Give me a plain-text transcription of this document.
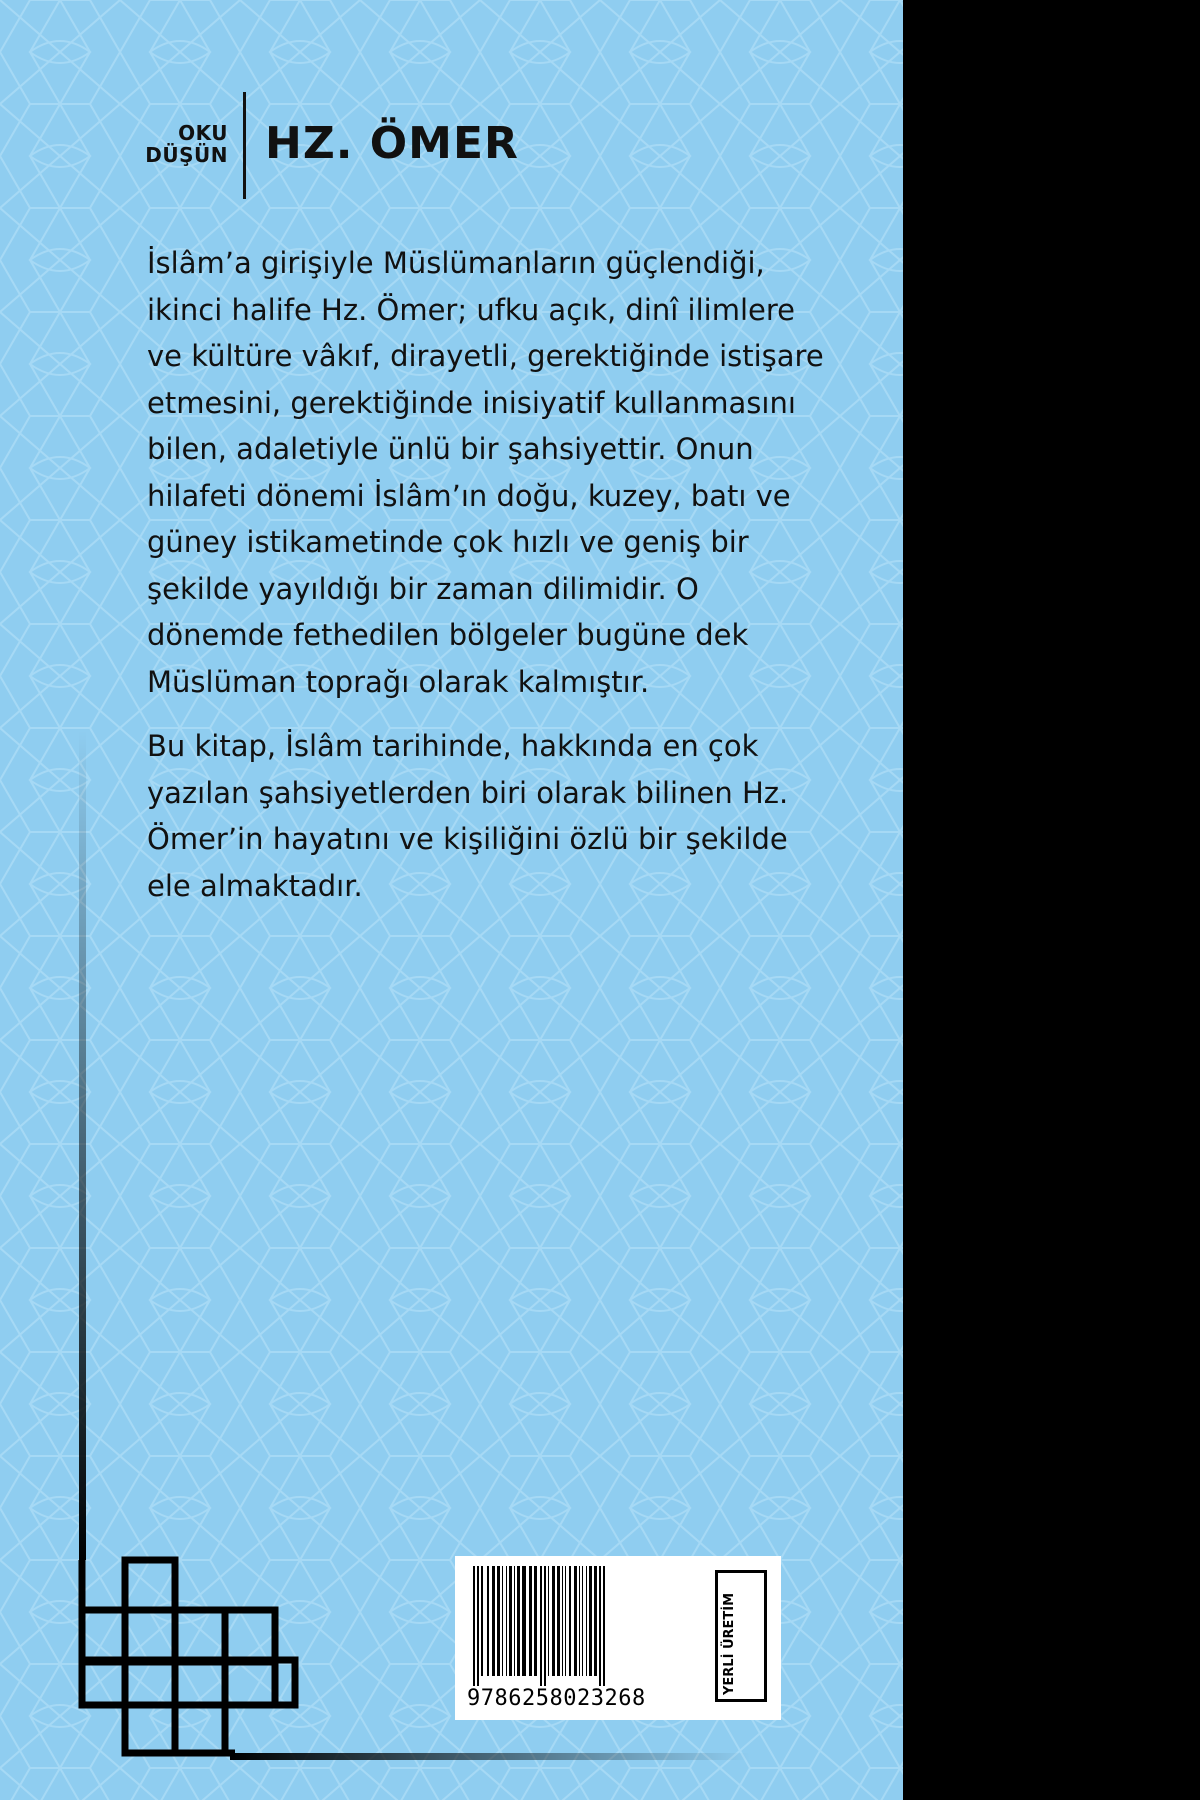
OKU
DÜŞÜN HZ. ÖMER

İslâm’a girişiyle Müslümanların güçlendiği, ikinci halife Hz. Ömer; ufku açık, dinî ilimlere ve kültüre vâkıf, dirayetli, gerektiğinde istişare etmesini, gerektiğinde inisiyatif kullanmasını bilen, adaletiyle ünlü bir şahsiyettir. Onun hilafeti dönemi İslâm’ın doğu, kuzey, batı ve güney istikametinde çok hızlı ve geniş bir şekilde yayıldığı bir zaman dilimidir. O dönemde fethedilen bölgeler bugüne dek Müslüman toprağı olarak kalmıştır.

Bu kitap, İslâm tarihinde, hakkında en çok yazılan şahsiyetlerden biri olarak bilinen Hz. Ömer’in hayatını ve kişiliğini özlü bir şekilde ele almaktadır.

9786258023268
YERLİ ÜRETİM
